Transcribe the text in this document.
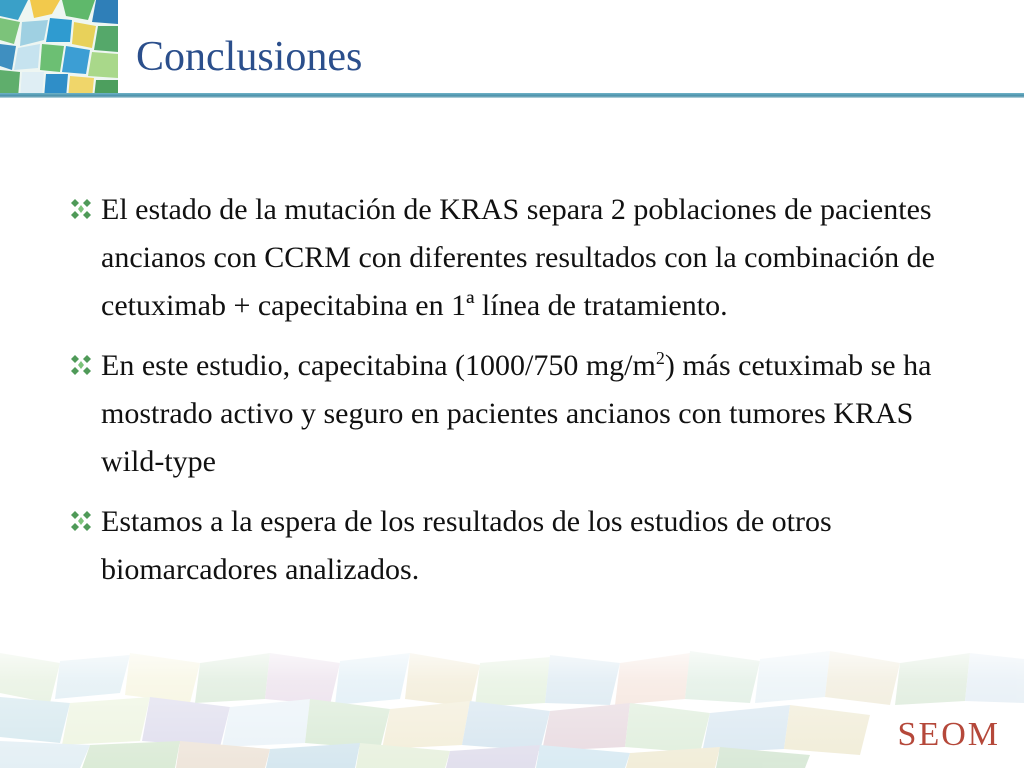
Conclusiones
El estado de la mutación de KRAS separa 2 poblaciones de pacientes ancianos con CCRM con diferentes resultados con la combinación de cetuximab + capecitabina en 1ª línea de tratamiento.
En este estudio, capecitabina (1000/750 $mg/m^2$) más cetuximab se ha mostrado activo y seguro en pacientes ancianos con tumores KRAS wild-type
Estamos a la espera de los resultados de los estudios de otros biomarcadores analizados.
SEOM
